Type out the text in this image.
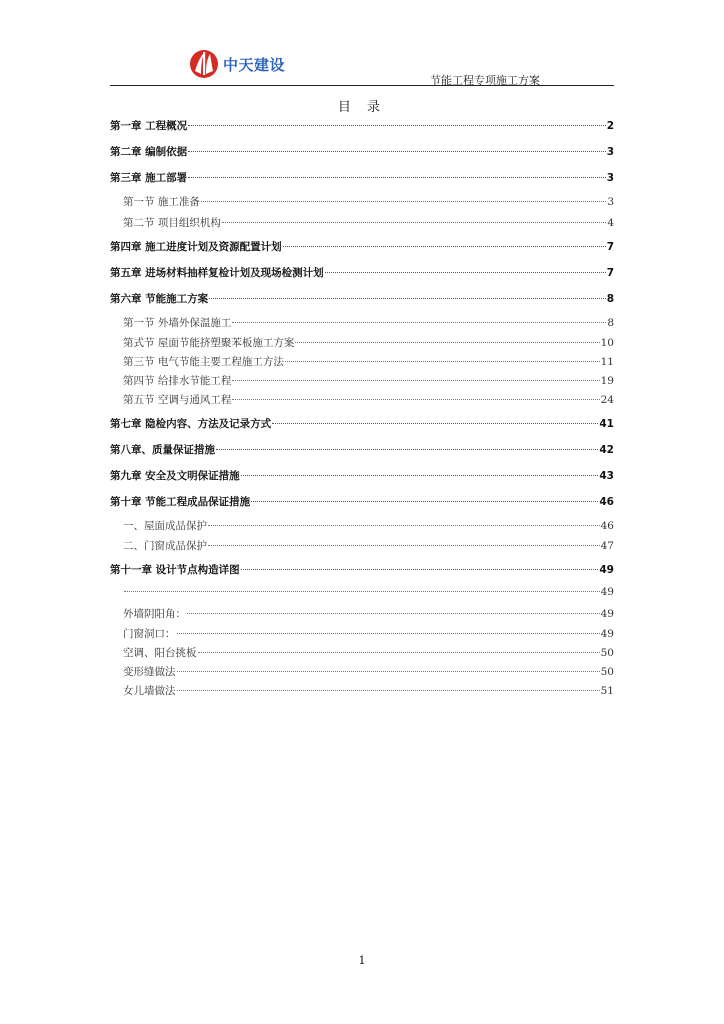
中天建设
节能工程专项施工方案
目 录
第一章 工程概况	2
第二章 编制依据	3
第三章 施工部署	3
第一节 施工准备	3
第二节 项目组织机构	4
第四章 施工进度计划及资源配置计划	7
第五章 进场材料抽样复检计划及现场检测计划	7
第六章 节能施工方案	8
第一节 外墙外保温施工	8
第式节 屋面节能挤塑聚苯板施工方案	10
第三节 电气节能主要工程施工方法	11
第四节 给排水节能工程	19
第五节 空调与通风工程	24
第七章 隐检内容、方法及记录方式	41
第八章、质量保证措施	42
第九章 安全及文明保证措施	43
第十章 节能工程成品保证措施	46
一、屋面成品保护	46
二、门窗成品保护	47
第十一章 设计节点构造详图	49
49
外墙阴阳角：	49
门窗洞口：	49
空调、阳台挑板	50
变形缝做法	50
女儿墙做法	51
1
